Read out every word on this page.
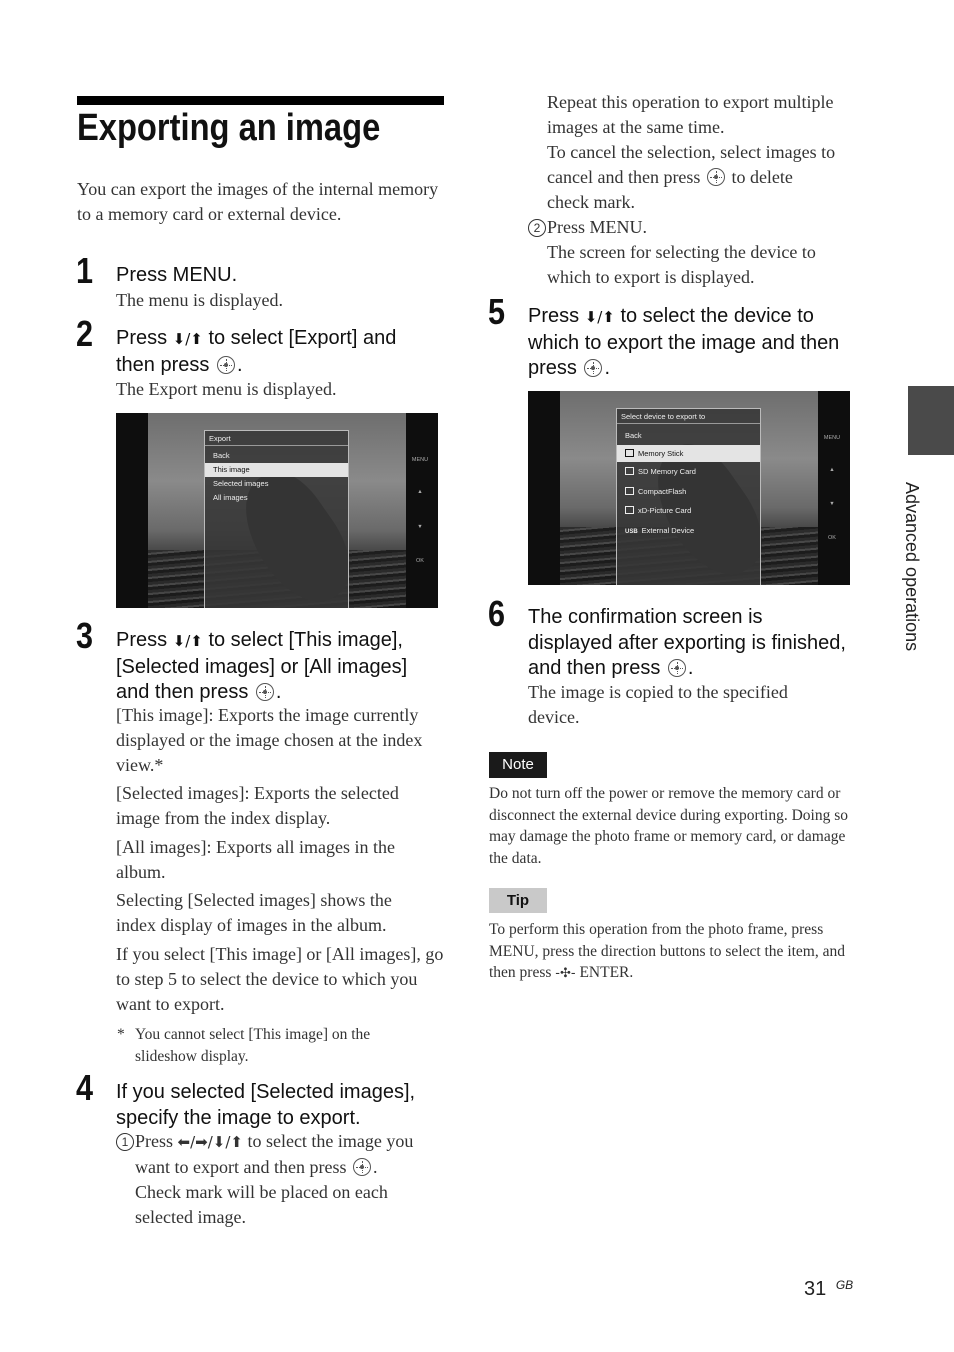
Exporting an image

You can export the images of the internal memory to a memory card or external device.

1 Press MENU.
The menu is displayed.
2 Press ⬇/⬆ to select [Export] and
then press
.
The Export menu is displayed.
Export
Back
This image
Selected images
All images
MENU
▲
▼
OK
3 Press ⬇/⬆ to select [This image],
[Selected images] or [All images]
and then press
.

[This image]: Exports the image currently displayed or the image chosen at the index view.*

[Selected images]: Exports the selected image from the index display.

[All images]: Exports all images in the album.

Selecting [Selected images] shows the index display of images in the album.

If you select [This image] or [All images], go to step 5 to select the device to which you want to export.

* You cannot select [This image] on the slideshow display.

4 If you selected [Selected images], specify the image to export.

1 Press ⬅/➡/⬇/⬆ to select the image you
want to export and then press
.

Check mark will be placed on each selected image.

Repeat this operation to export multiple images at the same time.

To cancel the selection, select images to
cancel and then press
to delete
check mark.
2 Press MENU.

The screen for selecting the device to which to export is displayed.

5 Press ⬇/⬆ to select the device to
which to export the image and then
press
.
Select device to export to
Back
Memory Stick
SD Memory Card
CompactFlash
xD-Picture Card
USB External Device
MENU
▲
▼
OK
6 The confirmation screen is
displayed after exporting is finished,
and then press
.

The image is copied to the specified device.

Note

Do not turn off the power or remove the memory card or disconnect the external device during exporting. Doing so may damage the photo frame or memory card, or damage the data.

Tip
To perform this operation from the photo frame, press MENU, press the direction buttons to select the item, and then press -✣- ENTER.
Advanced operations
31 $^{GB}$
